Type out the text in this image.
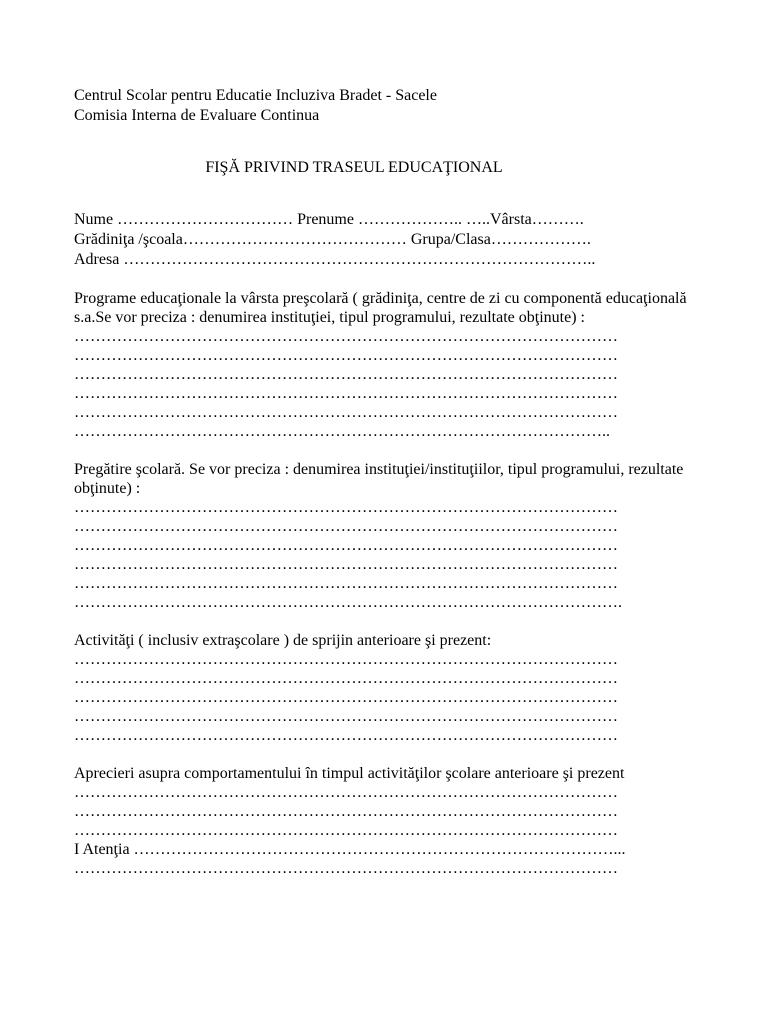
Centrul Scolar pentru Educatie Incluziva Bradet - Sacele
Comisia Interna de Evaluare Continua
FIŞĂ PRIVIND TRASEUL EDUCAŢIONAL
Nume …………………………… Prenume ……………….. …..Vârsta……….
Grădiniţa /şcoala…………………………………… Grupa/Clasa……………….
Adresa ……………………………………………………………………………..
Programe educaţionale la vârsta preşcolară ( grădiniţa, centre de zi cu componentă educaţională s.a.Se vor preciza : denumirea instituţiei, tipul programului, rezultate obţinute) :
…………………………………………………………………………………………
…………………………………………………………………………………………
…………………………………………………………………………………………
…………………………………………………………………………………………
…………………………………………………………………………………………
………………………………………………………………………………………..
Pregătire şcolară. Se vor preciza : denumirea instituţiei/instituţiilor, tipul programului, rezultate obţinute) :
…………………………………………………………………………………………
…………………………………………………………………………………………
…………………………………………………………………………………………
…………………………………………………………………………………………
…………………………………………………………………………………………
………………………………………………………………………………………….
Activităţi ( inclusiv extraşcolare ) de sprijin anterioare şi prezent:
…………………………………………………………………………………………
…………………………………………………………………………………………
…………………………………………………………………………………………
…………………………………………………………………………………………
…………………………………………………………………………………………
Aprecieri asupra comportamentului în timpul activităţilor şcolare anterioare şi prezent
…………………………………………………………………………………………
…………………………………………………………………………………………
…………………………………………………………………………………………
I Atenţia ………………………………………………………………………………...
…………………………………………………………………………………………
